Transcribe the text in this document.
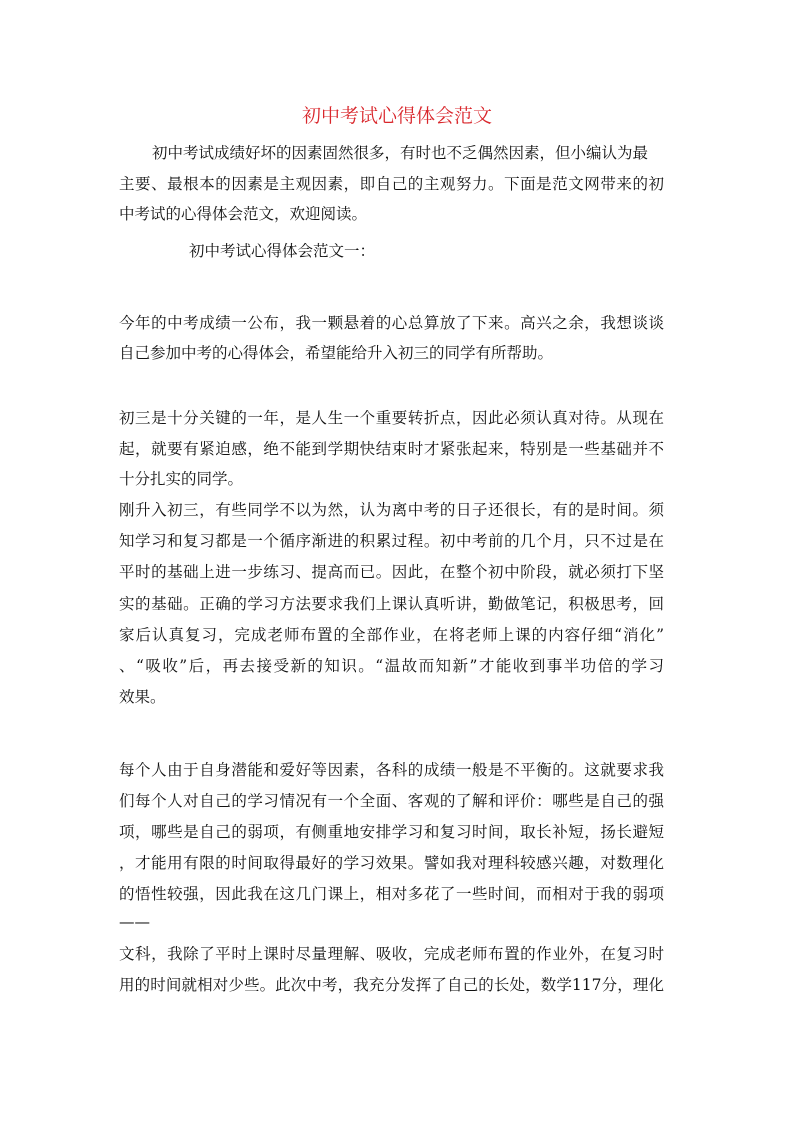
初中考试心得体会范文
初中考试成绩好坏的因素固然很多，有时也不乏偶然因素，但小编认为最
主要、最根本的因素是主观因素，即自己的主观努力。下面是范文网带来的初
中考试的心得体会范文，欢迎阅读。
初中考试心得体会范文一：
今年的中考成绩一公布，我一颗悬着的心总算放了下来。高兴之余，我想谈谈
自己参加中考的心得体会，希望能给升入初三的同学有所帮助。
初三是十分关键的一年，是人生一个重要转折点，因此必须认真对待。从现在
起，就要有紧迫感，绝不能到学期快结束时才紧张起来，特别是一些基础并不
十分扎实的同学。
刚升入初三，有些同学不以为然，认为离中考的日子还很长，有的是时间。须
知学习和复习都是一个循序渐进的积累过程。初中考前的几个月，只不过是在
平时的基础上进一步练习、提高而已。因此，在整个初中阶段，就必须打下坚
实的基础。正确的学习方法要求我们上课认真听讲，勤做笔记，积极思考，回
家后认真复习，完成老师布置的全部作业，在将老师上课的内容仔细“消化”
、“吸收”后，再去接受新的知识。“温故而知新”才能收到事半功倍的学习
效果。
每个人由于自身潜能和爱好等因素，各科的成绩一般是不平衡的。这就要求我
们每个人对自己的学习情况有一个全面、客观的了解和评价：哪些是自己的强
项，哪些是自己的弱项，有侧重地安排学习和复习时间，取长补短，扬长避短
，才能用有限的时间取得最好的学习效果。譬如我对理科较感兴趣，对数理化
的悟性较强，因此我在这几门课上，相对多花了一些时间，而相对于我的弱项
——
文科，我除了平时上课时尽量理解、吸收，完成老师布置的作业外，在复习时
用的时间就相对少些。此次中考，我充分发挥了自己的长处，数学117分，理化
